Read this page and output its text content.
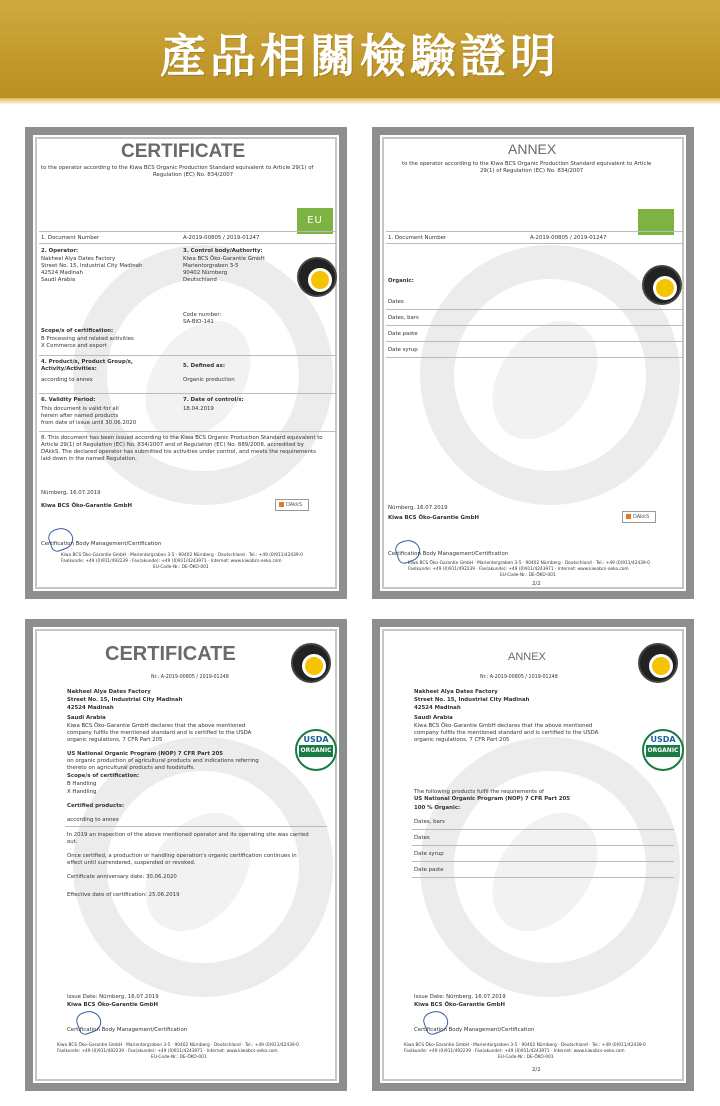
產品相關檢驗證明
CERTIFICATE
to the operator according to the Kiwa BCS Organic Production Standard equivalent to Article 29(1) of
Regulation (EC) No. 834/2007
EU
1. Document Number	A-2019-00805 / 2019-01247
2. Operator:
Nakheel Alya Dates Factory
Street No. 15, Industrial City Madinah
42524 Madinah
Saudi Arabia
3. Control body/Authority:
Kiwa BCS Öko-Garantie GmbH
Marientorgraben 3-5
90402 Nürnberg
Deutschland
Code number:
SA-BIO-141
Scope/s of certification:
B Processing and related activities
X Commerce and export
4. Product/s, Product Group/s, Activity/Activities:
according to annex
5. Defined as:
Organic production
6. Validity Period:
This document is valid for all
herein after named products
from date of issue until 30.06.2020
7. Date of control/s:
18.04.2019
8. This document has been issued according to the Kiwa BCS Organic Production Standard equivalent to
Article 29(1) of Regulation (EC) No. 834/2007 and of Regulation (EC) No. 889/2008, accredited by
DAkkS. The declared operator has submitted his activities under control, and meets the requirements
laid down in the named Regulation.
Nürnberg, 16.07.2019
Kiwa BCS Öko-Garantie GmbH	DAkkS
Certification Body Management/Certification
Kiwa BCS Öko-Garantie GmbH · Marientorgraben 3-5 · 90402 Nürnberg · Deutschland · Tel.: +49 (0)911/42439-0
Faxlkunde: +49 (0)911/492239 · Fax(akunde): +49 (0)911/4243971 · Internet: www.kiwabcs-oeko.com
EU-Code-Nr.: DE-ÖKO-001
ANNEX
to the operator according to the Kiwa BCS Organic Production Standard equivalent to Article
29(1) of Regulation (EC) No. 834/2007
1. Document Number	A-2019-00805 / 2019-01247
Organic:
Dates
Dates, bars
Date paste
Date syrup
Nürnberg, 16.07.2019
Kiwa BCS Öko-Garantie GmbH	DAkkS
Certification Body Management/Certification
Kiwa BCS Öko-Garantie GmbH · Marientorgraben 3-5 · 90402 Nürnberg · Deutschland · Tel.: +49 (0)911/42439-0
Faxlkunde: +49 (0)911/492239 · Fax(akunde): +49 (0)911/4243971 · Internet: www.kiwabcs-oeko.com
EU-Code-Nr.: DE-ÖKO-001
2/2
CERTIFICATE
Nr.: A-2019-00805 / 2019-01248
Nakheel Alya Dates Factory
Street No. 15, Industrial City Madinah
42524 Madinah
Saudi Arabia
Kiwa BCS Öko-Garantie GmbH declares that the above mentioned
company fulfils the mentioned standard and is certified to the USDA
organic regulations, 7 CFR Part 205	USDA
ORGANIC
US National Organic Program (NOP) 7 CFR Part 205
on organic production of agricultural products and indications referring
thereto on agricultural products and foodstuffs.
Scope/s of certification:
B Handling
X Handling
Certified products:
according to annex
In 2019 an inspection of the above mentioned operator and its operating site was carried
out.
Once certified, a production or handling operation's organic certification continues in
effect until surrendered, suspended or revoked.
Certificate anniversary date: 30.06.2020
Effective date of certification: 25.06.2019
Issue Date: Nürnberg, 16.07.2019
Kiwa BCS Öko-Garantie GmbH
Certification Body Management/Certification
Kiwa BCS Öko-Garantie GmbH · Marientorgraben 3-5 · 90402 Nürnberg · Deutschland · Tel.: +49 (0)911/42439-0
Faxlkunde: +49 (0)911/492239 · Fax(akunde): +49 (0)911/4243971 · Internet: www.kiwabcs-oeko.com
EU-Code-Nr.: DE-ÖKO-001
ANNEX
Nr.: A-2019-00805 / 2019-01248
Nakheel Alya Dates Factory
Street No. 15, Industrial City Madinah
42524 Madinah
Saudi Arabia
Kiwa BCS Öko-Garantie GmbH declares that the above mentioned
company fulfils the mentioned standard and is certified to the USDA
organic regulations, 7 CFR Part 205	USDA
ORGANIC
The following products fulfil the requirements of
US National Organic Program (NOP) 7 CFR Part 205
100 % Organic:
Dates, bars
Dates
Date syrup
Date paste
Issue Date: Nürnberg, 16.07.2019
Kiwa BCS Öko-Garantie GmbH
Certification Body Management/Certification
Kiwa BCS Öko-Garantie GmbH · Marientorgraben 3-5 · 90402 Nürnberg · Deutschland · Tel.: +49 (0)911/42439-0
Faxlkunde: +49 (0)911/492239 · Fax(akunde): +49 (0)911/4243971 · Internet: www.kiwabcs-oeko.com
EU-Code-Nr.: DE-ÖKO-001
2/2
